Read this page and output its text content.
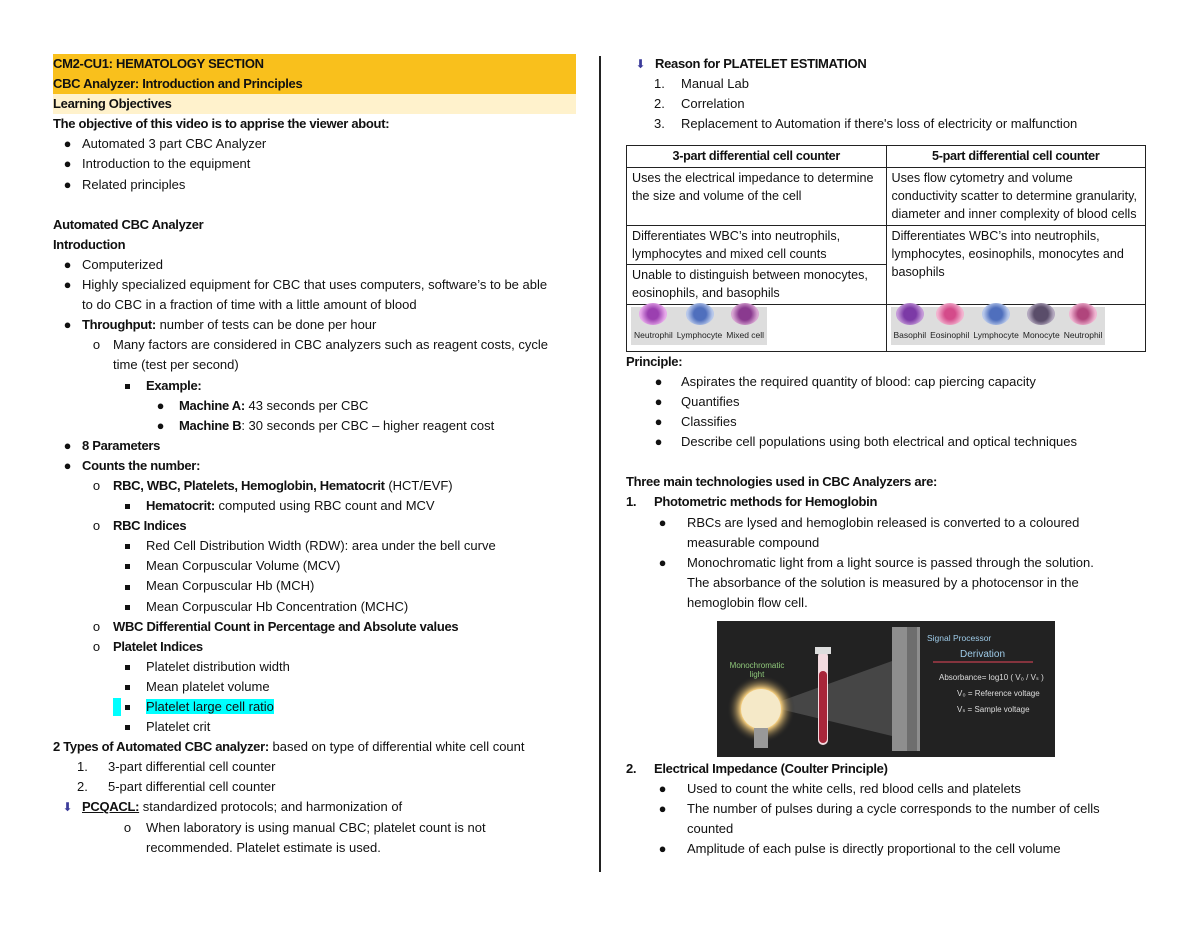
CM2-CU1: HEMATOLOGY SECTION
CBC Analyzer: Introduction and Principles
Learning Objectives
The objective of this video is to apprise the viewer about:
● Automated 3 part CBC Analyzer
● Introduction to the equipment
● Related principles
Automated CBC Analyzer
Introduction
● Computerized
● Highly specialized equipment for CBC that uses computers, software’s to be able
to do CBC in a fraction of time with a little amount of blood
● Throughput: number of tests can be done per hour
o Many factors are considered in CBC analyzers such as reagent costs, cycle
time (test per second)
Example:
●	Machine A: 43 seconds per CBC
●	Machine B: 30 seconds per CBC – higher reagent cost
● 8 Parameters
● Counts the number:
o RBC, WBC, Platelets, Hemoglobin, Hematocrit (HCT/EVF)
Hematocrit: computed using RBC count and MCV
o RBC Indices
Red Cell Distribution Width (RDW): area under the bell curve
Mean Corpuscular Volume (MCV)
Mean Corpuscular Hb (MCH)
Mean Corpuscular Hb Concentration (MCHC)
o WBC Differential Count in Percentage and Absolute values
o Platelet Indices
Platelet distribution width
Mean platelet volume
Platelet large cell ratio
Platelet crit
2 Types of Automated CBC analyzer: based on type of differential white cell count
1.	3-part differential cell counter
2.	5-part differential cell counter
⬇ PCQACL: standardized protocols; and harmonization of
o	When laboratory is using manual CBC; platelet count is not
recommended. Platelet estimate is used.
⬇ Reason for PLATELET ESTIMATION
1.	Manual Lab
2.	Correlation
3.	Replacement to Automation if there's loss of electricity or malfunction
3-part differential cell counter	5-part differential cell counter
Uses the electrical impedance to determine the size and volume of the cell	Uses flow cytometry and volume conductivity scatter to determine granularity, diameter and inner complexity of blood cells
Differentiates WBC’s into neutrophils, lymphocytes and mixed cell counts	Differentiates WBC’s into neutrophils, lymphocytes, eosinophils, monocytes and basophils
Unable to distinguish between monocytes, eosinophils, and basophils	

Neutrophil Lymphocyte Mixed cell	Basophil Eosinophil Lymphocyte Monocyte Neutrophil
Principle:
●	Aspirates the required quantity of blood: cap piercing capacity
●	Quantifies
●	Classifies
●	Describe cell populations using both electrical and optical techniques
Three main technologies used in CBC Analyzers are:
1.	Photometric methods for Hemoglobin
●	RBCs are lysed and hemoglobin released is converted to a coloured
measurable compound
●	Monochromatic light from a light source is passed through the solution.
The absorbance of the solution is measured by a photocensor in the
hemoglobin flow cell.
Signal Processor
Derivation
Monochromatic
light	Absorbance= log10 ( V₀ / Vₛ )
V₀ = Reference voltage
Vₛ = Sample voltage
2.	Electrical Impedance (Coulter Principle)
●	Used to count the white cells, red blood cells and platelets
●	The number of pulses during a cycle corresponds to the number of cells
counted
●	Amplitude of each pulse is directly proportional to the cell volume
